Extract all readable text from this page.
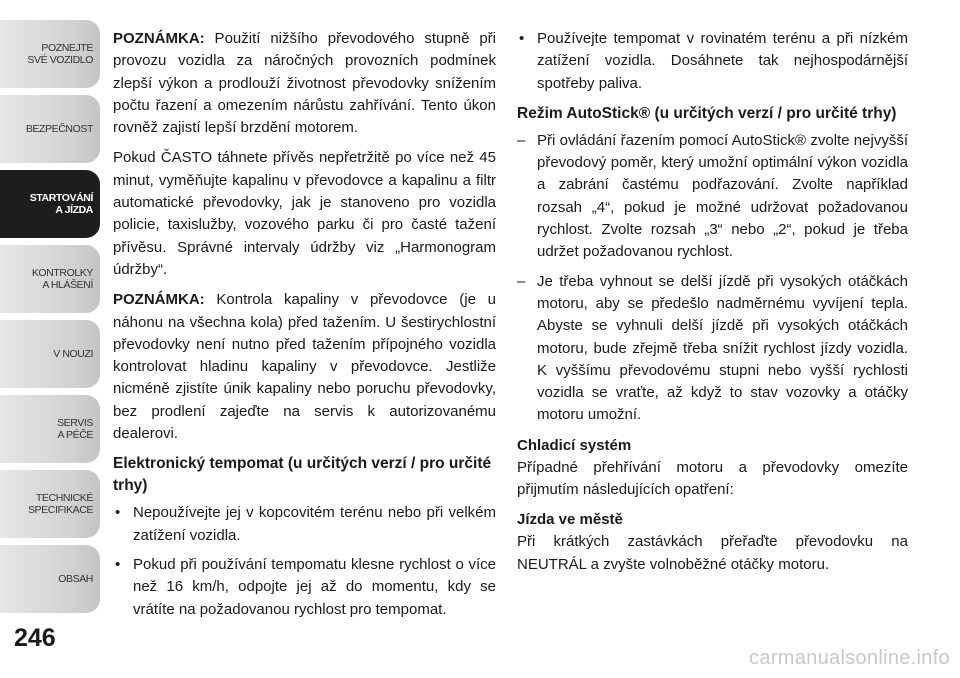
POZNEJTE
SVÉ VOZIDLO
BEZPEČNOST
STARTOVÁNÍ
A JÍZDA
KONTROLKY
A HLÁŠENÍ
V NOUZI
SERVIS
A PÉČE
TECHNICKÉ
SPECIFIKACE
OBSAH
246

POZNÁMKA: Použití nižšího převodového stupně při provozu vozidla za náročných provozních podmínek zlepší výkon a prodlouží životnost převodovky snížením počtu řazení a omezením nárůstu zahřívání. Tento úkon rovněž zajistí lepší brzdění motorem.

Pokud ČASTO táhnete přívěs nepřetržitě po více než 45 minut, vyměňujte kapalinu v převodovce a kapalinu a filtr automatické převodovky, jak je stanoveno pro vozidla policie, taxislužby, vozového parku či pro časté tažení přívěsu. Správné intervaly údržby viz „Harmonogram údržby“.

POZNÁMKA: Kontrola kapaliny v převodovce (je u náhonu na všechna kola) před tažením. U šestirychlostní převodovky není nutno před tažením přípojného vozidla kontrolovat hladinu kapaliny v převodovce. Jestliže nicméně zjistíte únik kapaliny nebo poruchu převodovky, bez prodlení zajeďte na servis k autorizovanému dealerovi.

Elektronický tempomat (u určitých verzí / pro určité trhy)
• Nepoužívejte jej v kopcovitém terénu nebo při velkém zatížení vozidla.
• Pokud při používání tempomatu klesne rychlost o více než 16 km/h, odpojte jej až do momentu, kdy se vrátíte na požadovanou rychlost pro tempomat.
• Používejte tempomat v rovinatém terénu a při nízkém zatížení vozidla. Dosáhnete tak nejhospodárnější spotřeby paliva.
Režim AutoStick® (u určitých verzí / pro určité trhy)
– Při ovládání řazením pomocí AutoStick® zvolte nejvyšší převodový poměr, který umožní optimální výkon vozidla a zabrání častému podřazování. Zvolte například rozsah „4“, pokud je možné udržovat požadovanou rychlost. Zvolte rozsah „3“ nebo „2“, pokud je třeba udržet požadovanou rychlost.
– Je třeba vyhnout se delší jízdě při vysokých otáčkách motoru, aby se předešlo nadměrnému vyvíjení tepla. Abyste se vyhnuli delší jízdě při vysokých otáčkách motoru, bude zřejmě třeba snížit rychlost jízdy vozidla. K vyššímu převodovému stupni nebo vyšší rychlosti vozidla se vraťte, až když to stav vozovky a otáčky motoru umožní.
Chladicí systém

Případné přehřívání motoru a převodovky omezíte přijmutím následujících opatření:

Jízda ve městě

Při krátkých zastávkách přeřaďte převodovku na NEUTRÁL a zvyšte volnoběžné otáčky motoru.

carmanualsonline.info
